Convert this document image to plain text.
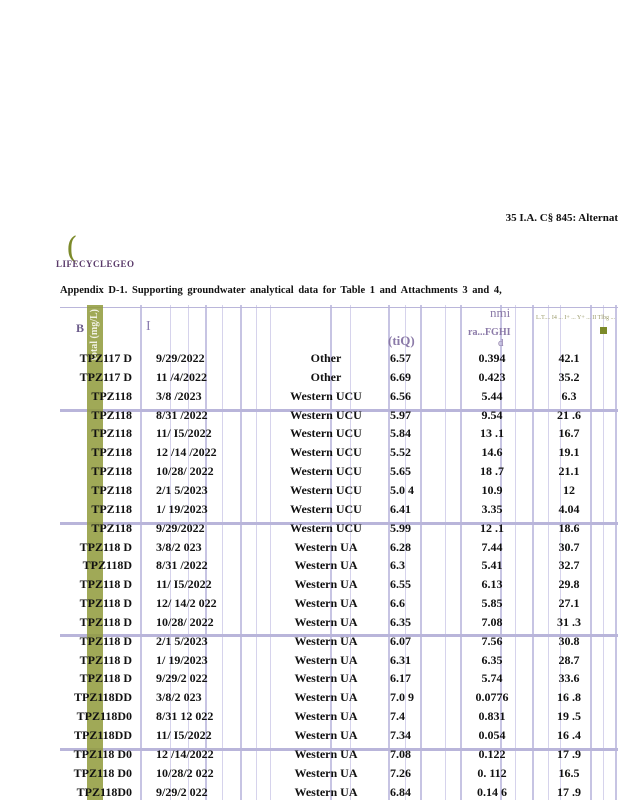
35 I.A. C§ 845: Alternat
(
LIFECYCLEGEO
Appendix D-1. Supporting groundwater analytical data for Table 1 and Attachments 3 and 4,
total (mg/L)
B	I
(tiQ)
nmi
ra...FGHI
d
L.T.... I4 ... I+ ... Y+ ... II Tlbg ...
TPZ117 D 9/29/2022	Other	6.57	0.394	42.1
TPZ117 D 11 /4/2022	Other	6.69	0.423	35.2
TPZ118 3/8 /2023	Western UCU	6.56	5.44	6.3
TPZ118 8/31 /2022	Western UCU	5.97	9.54	21 .6
TPZ118 11/ I5/2022	Western UCU	5.84	13 .1	16.7
TPZ118 12 /14 /2022	Western UCU	5.52	14.6	19.1
TPZ118 10/28/ 2022	Western UCU	5.65	18 .7	21.1
TPZ118 2/1 5/2023	Western UCU	5.0 4	10.9	12
TPZ118 1/ 19/2023	Western UCU	6.41	3.35	4.04
TPZ118 9/29/2022	Western UCU	5.99	12 .1	18.6
TPZ118 D 3/8/2 023	Western UA	6.28	7.44	30.7
TPZ118D 8/31 /2022	Western UA	6.3	5.41	32.7
TPZ118 D 11/ I5/2022	Western UA	6.55	6.13	29.8
TPZ118 D 12/ 14/2 022	Western UA	6.6	5.85	27.1
TPZ118 D 10/28/ 2022	Western UA	6.35	7.08	31 .3
TPZ118 D 2/1 5/2023	Western UA	6.07	7.56	30.8
TPZ118 D 1/ 19/2023	Western UA	6.31	6.35	28.7
TPZ118 D 9/29/2 022	Western UA	6.17	5.74	33.6
TPZ118DD 3/8/2 023	Western UA	7.0 9	0.0776	16 .8
TPZ118D0 8/31 12 022	Western UA	7.4	0.831	19 .5
TPZ118DD 11/ I5/2022	Western UA	7.34	0.054	16 .4
TPZ118 D0 12 /14/2022	Western UA	7.08	0.122	17 .9
TPZ118 D0 10/28/2 022	Western UA	7.26	0. 112	16.5
TPZ118D0 9/29/2 022	Western UA	6.84	0.14 6	17 .9
